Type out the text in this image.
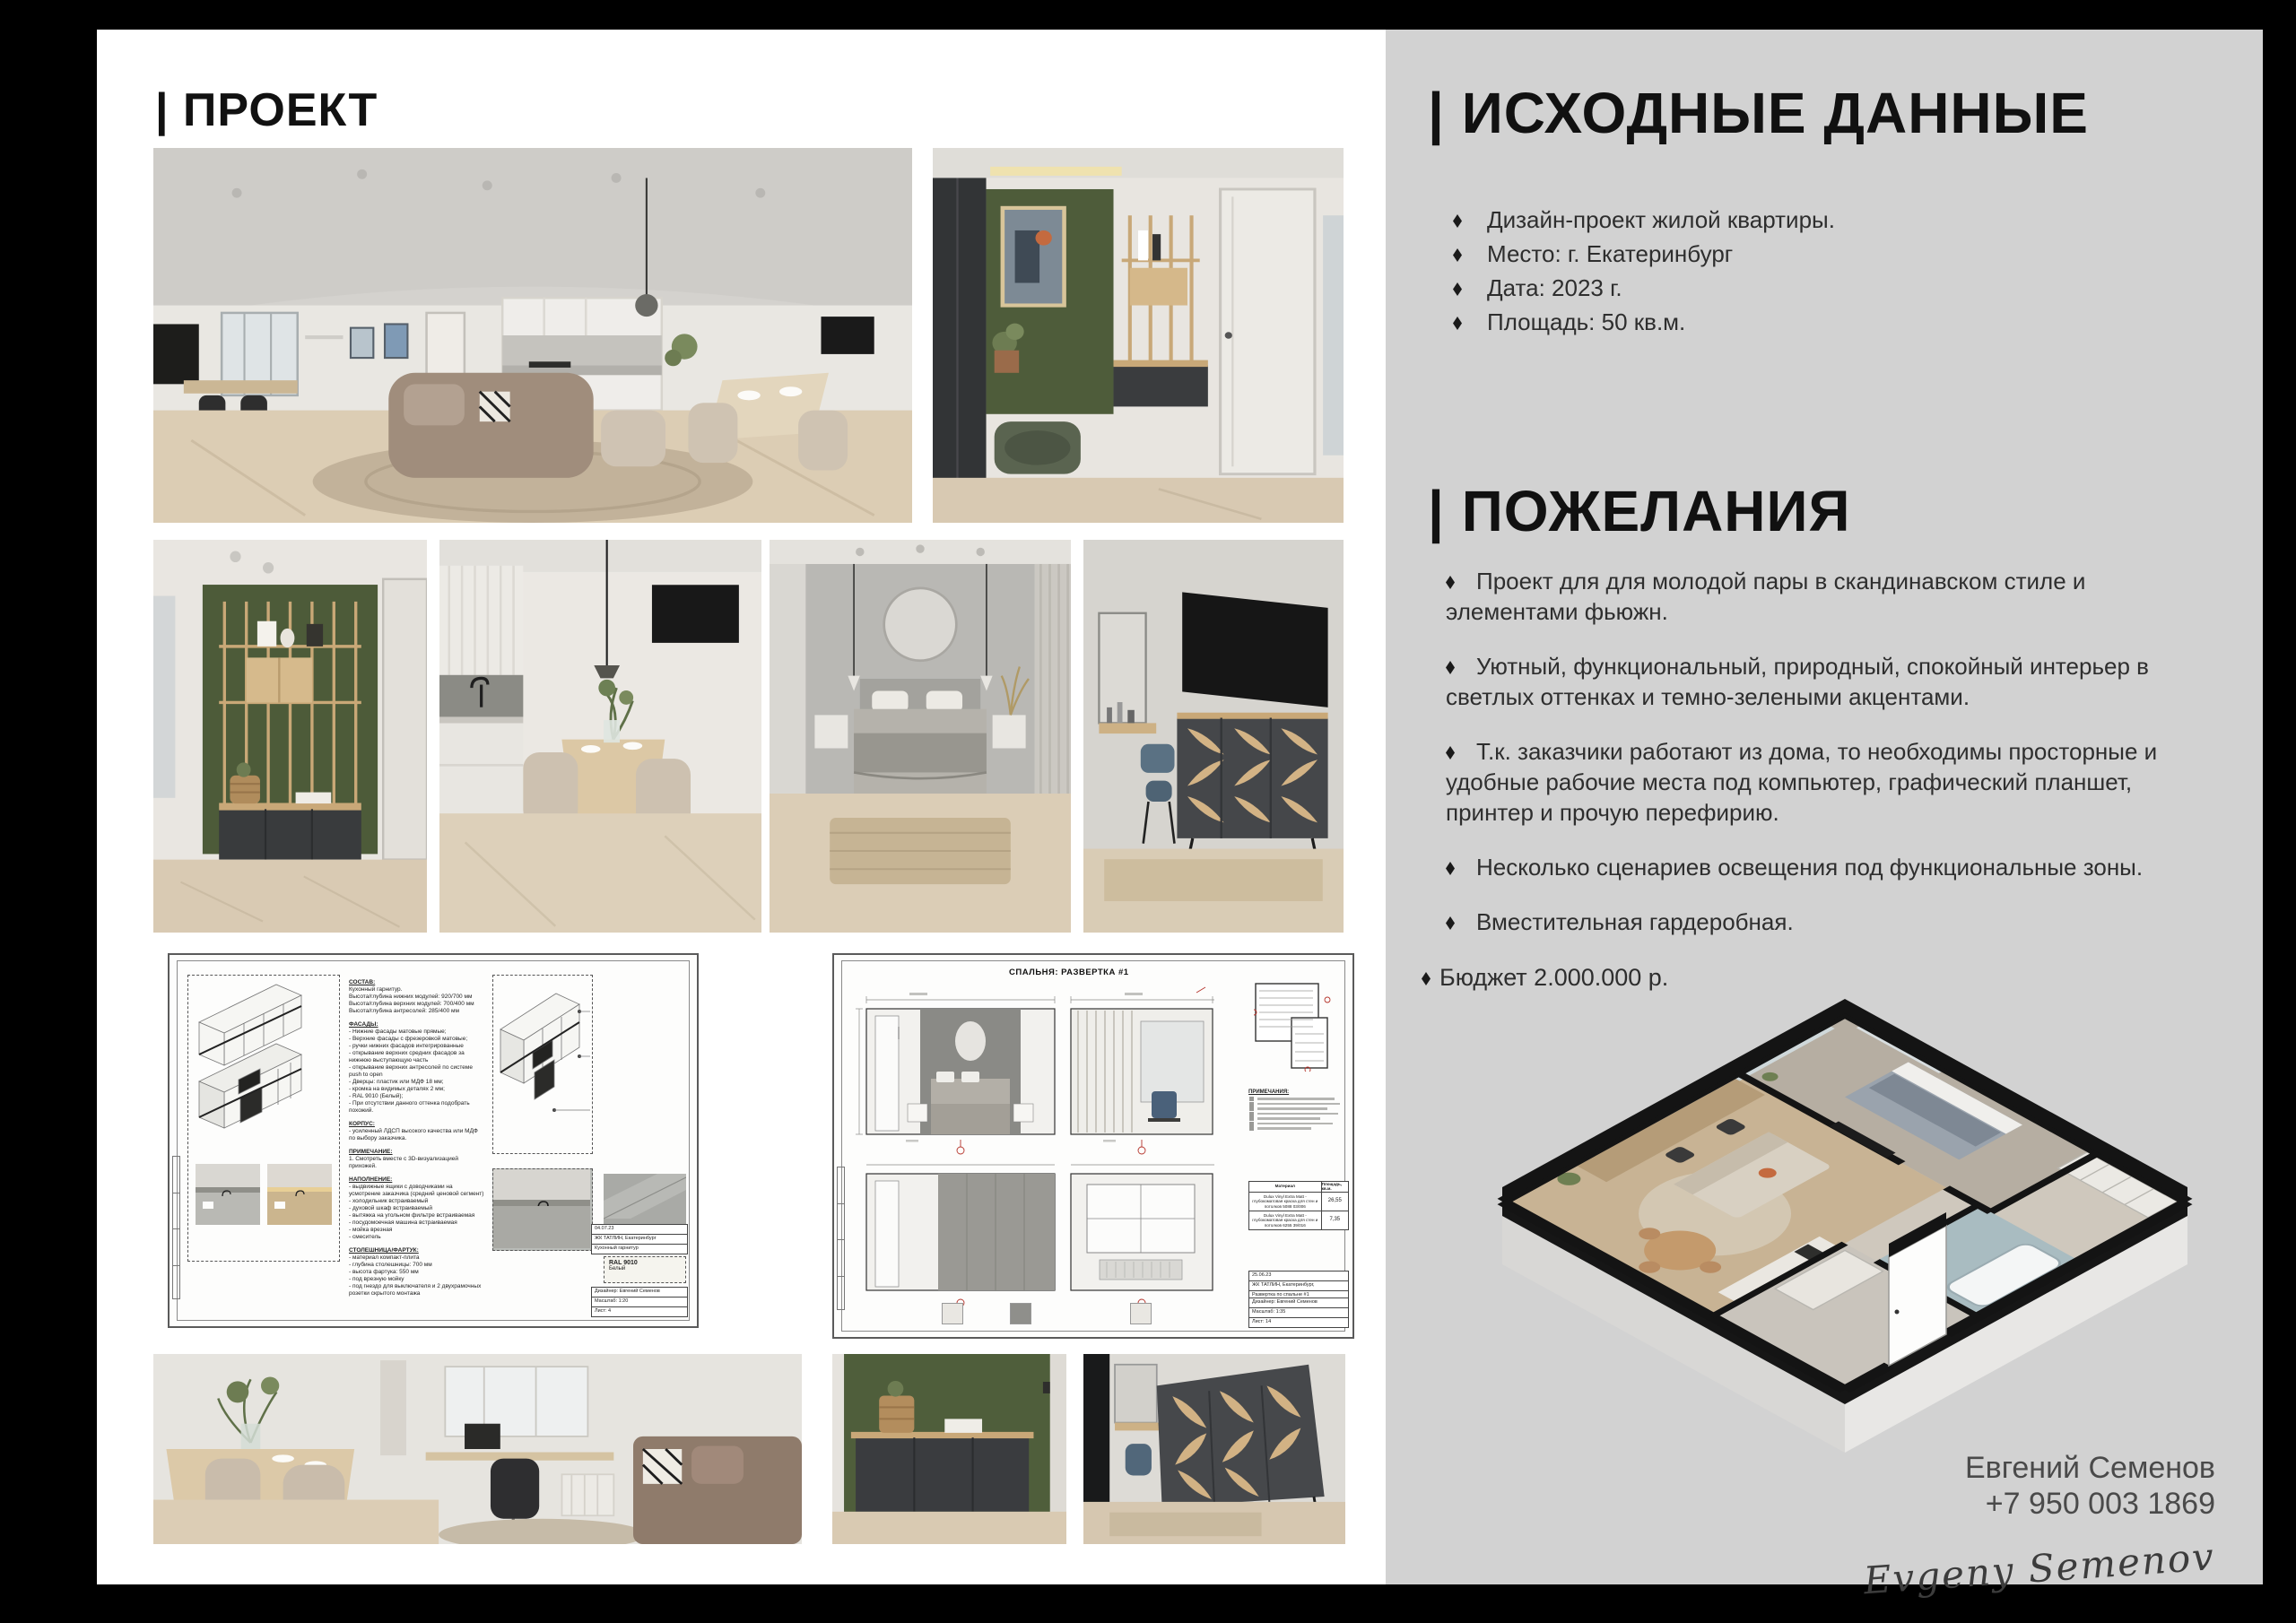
| ПРОЕКТ
СОСТАВ:
Кухонный гарнитур.
Высота/глубина нижних модулей: 920/700 мм
Высота/глубина верхних модулей: 700/400 мм
Высота/глубина антресолей: 285/400 мм
ФАСАДЫ:
- Нижние фасады матовые прямые;
- Верхние фасады с фрезеровкой матовые;
- ручки нижних фасадов интегрированные
- открывание верхних средних фасадов за нижнюю выступающую часть
- открывание верхних антресолей по системе push to open
- Дверцы: пластик или МДФ 18 мм;
- кромка на видимых деталях 2 мм;
- RAL 9010 (Белый);
- При отсутствии данного оттенка подобрать похожий.
КОРПУС:
- усиленный ЛДСП высокого качества или МДФ по выбору заказчика.
ПРИМЕЧАНИЕ:
1. Смотреть вместе с 3D-визуализацией прихожей.
НАПОЛНЕНИЕ:
- выдвижные ящики с доводчиками на усмотрение заказчика (средний ценовой сегмент)
- холодильник встраиваемый
- духовой шкаф встраиваемый
- вытяжка на угольном фильтре встраиваемая
- посудомоечная машина встраиваемая
- мойка врезная
- смеситель
СТОЛЕШНИЦА/ФАРТУК:
- материал компакт-плита
- глубина столешницы: 700 мм
- высота фартука: 550 мм
- под врезную мойку
- под гнездо для выключателя и 2 двухрамочных розетки скрытого монтажа
RAL 9010
Белый
04.07.23
ЖК ТАТЛИН, Екатеринбург
Кухонный гарнитур
Дизайнер: Евгений Семенов
Масштаб: 1:20
Лист: 4
СПАЛЬНЯ: РАЗВЕРТКА #1
ПРИМЕЧАНИЯ:
Материал	Площадь, кв.м.
Dulux Vinyl Extra Matt - глубокоматовая краска для стен и потолков 5088 03/006
26,55
Dulux Vinyl Extra Matt - глубокоматовая краска для стен и потолков 6255 39/016
7,35
25.06.23
ЖК ТАТЛИН, Екатеринбург,
Развертка по спальне #1
Дизайнер: Евгений Семенов
Масштаб: 1:35
Лист: 14
| ИСХОДНЫЕ ДАННЫЕ
Дизайн-проект жилой квартиры.
Место: г. Екатеринбург
Дата: 2023 г.
Площадь: 50 кв.м.
| ПОЖЕЛАНИЯ

Проект для для молодой пары в скандинавском стиле и элементами фьюжн.

Уютный, функциональный, природный, спокойный интерьер в светлых оттенках и темно-зелеными акцентами.

Т.к. заказчики работают из дома, то необходимы просторные и удобные рабочие места под компьютер, графический планшет, принтер и прочую перефирию.

Несколько сценариев освещения под функциональные зоны.

Вместительная гардеробная.

Бюджет 2.000.000 р.
Евгений Семенов
+7 950 003 1869
Evgeny Semenov
